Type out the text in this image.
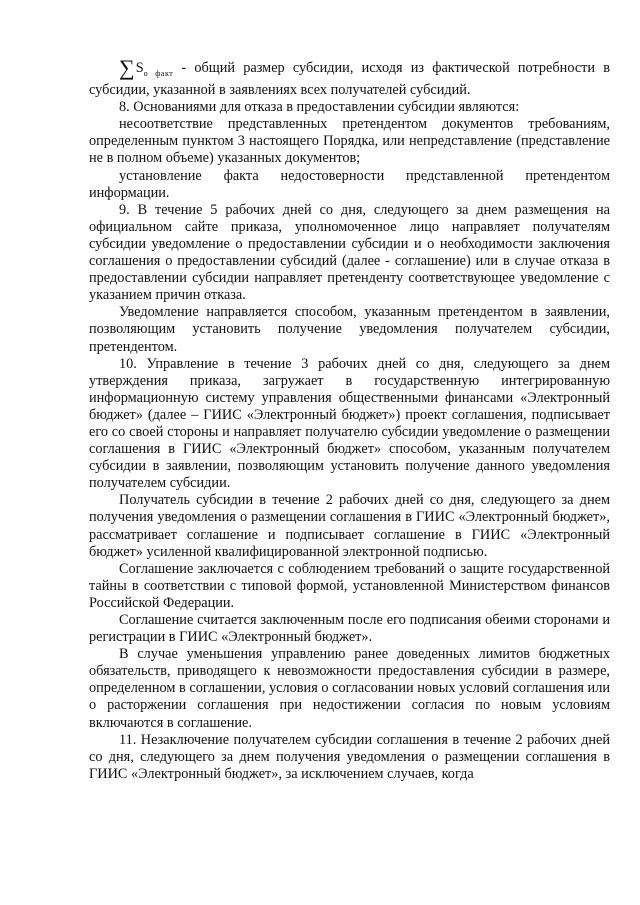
$\sum S_{о факт}$ - общий размер субсидии, исходя из фактической потребности в субсидии, указанной в заявлениях всех получателей субсидий.

8. Основаниями для отказа в предоставлении субсидии являются:

несоответствие представленных претендентом документов требованиям, определенным пунктом 3 настоящего Порядка, или непредставление (представление не в полном объеме) указанных документов;

установление факта недостоверности представленной претендентом информации.

9. В течение 5 рабочих дней со дня, следующего за днем размещения на официальном сайте приказа, уполномоченное лицо направляет получателям субсидии уведомление о предоставлении субсидии и о необходимости заключения соглашения о предоставлении субсидий (далее - соглашение) или в случае отказа в предоставлении субсидии направляет претенденту соответствующее уведомление с указанием причин отказа.

Уведомление направляется способом, указанным претендентом в заявлении, позволяющим установить получение уведомления получателем субсидии, претендентом.

10. Управление в течение 3 рабочих дней со дня, следующего за днем утверждения приказа, загружает в государственную интегрированную информационную систему управления общественными финансами «Электронный бюджет» (далее – ГИИС «Электронный бюджет») проект соглашения, подписывает его со своей стороны и направляет получателю субсидии уведомление о размещении соглашения в ГИИС «Электронный бюджет» способом, указанным получателем субсидии в заявлении, позволяющим установить получение данного уведомления получателем субсидии.

Получатель субсидии в течение 2 рабочих дней со дня, следующего за днем получения уведомления о размещении соглашения в ГИИС «Электронный бюджет», рассматривает соглашение и подписывает соглашение в ГИИС «Электронный бюджет» усиленной квалифицированной электронной подписью.

Соглашение заключается с соблюдением требований о защите государственной тайны в соответствии с типовой формой, установленной Министерством финансов Российской Федерации.

Соглашение считается заключенным после его подписания обеими сторонами и регистрации в ГИИС «Электронный бюджет».

В случае уменьшения управлению ранее доведенных лимитов бюджетных обязательств, приводящего к невозможности предоставления субсидии в размере, определенном в соглашении, условия о согласовании новых условий соглашения или о расторжении соглашения при недостижении согласия по новым условиям включаются в соглашение.

11. Незаключение получателем субсидии соглашения в течение 2 рабочих дней со дня, следующего за днем получения уведомления о размещении соглашения в ГИИС «Электронный бюджет», за исключением случаев, когда
